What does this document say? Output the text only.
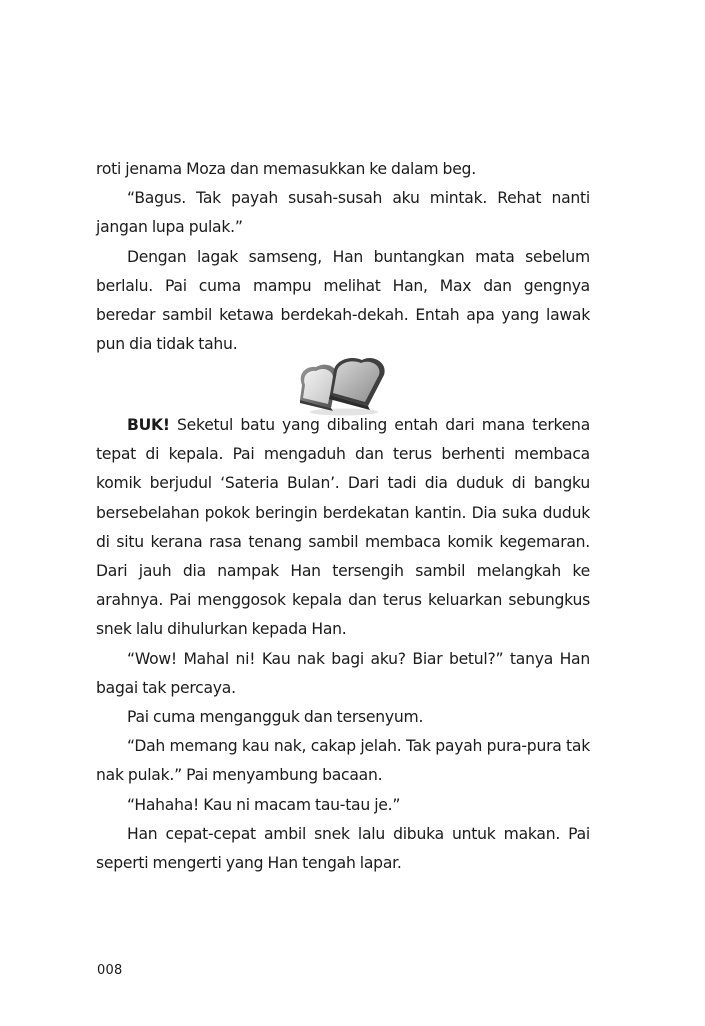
roti jenama Moza dan memasukkan ke dalam beg.

“Bagus. Tak payah susah-susah aku mintak. Rehat nanti jangan lupa pulak.”

Dengan lagak samseng, Han buntangkan mata sebelum berlalu. Pai cuma mampu melihat Han, Max dan gengnya beredar sambil ketawa berdekah-dekah. Entah apa yang lawak pun dia tidak tahu.

BUK! Seketul batu yang dibaling entah dari mana terkena tepat di kepala. Pai mengaduh dan terus berhenti membaca komik berjudul ‘Sateria Bulan’. Dari tadi dia duduk di bangku bersebelahan pokok beringin berdekatan kantin. Dia suka duduk di situ kerana rasa tenang sambil membaca komik kegemaran. Dari jauh dia nampak Han tersengih sambil melangkah ke arahnya. Pai menggosok kepala dan terus keluarkan sebungkus snek lalu dihulurkan kepada Han.

“Wow! Mahal ni! Kau nak bagi aku? Biar betul?” tanya Han bagai tak percaya.

Pai cuma mengangguk dan tersenyum.

“Dah memang kau nak, cakap jelah. Tak payah pura-pura tak nak pulak.” Pai menyambung bacaan.

“Hahaha! Kau ni macam tau-tau je.”

Han cepat-cepat ambil snek lalu dibuka untuk makan. Pai seperti mengerti yang Han tengah lapar.

008
